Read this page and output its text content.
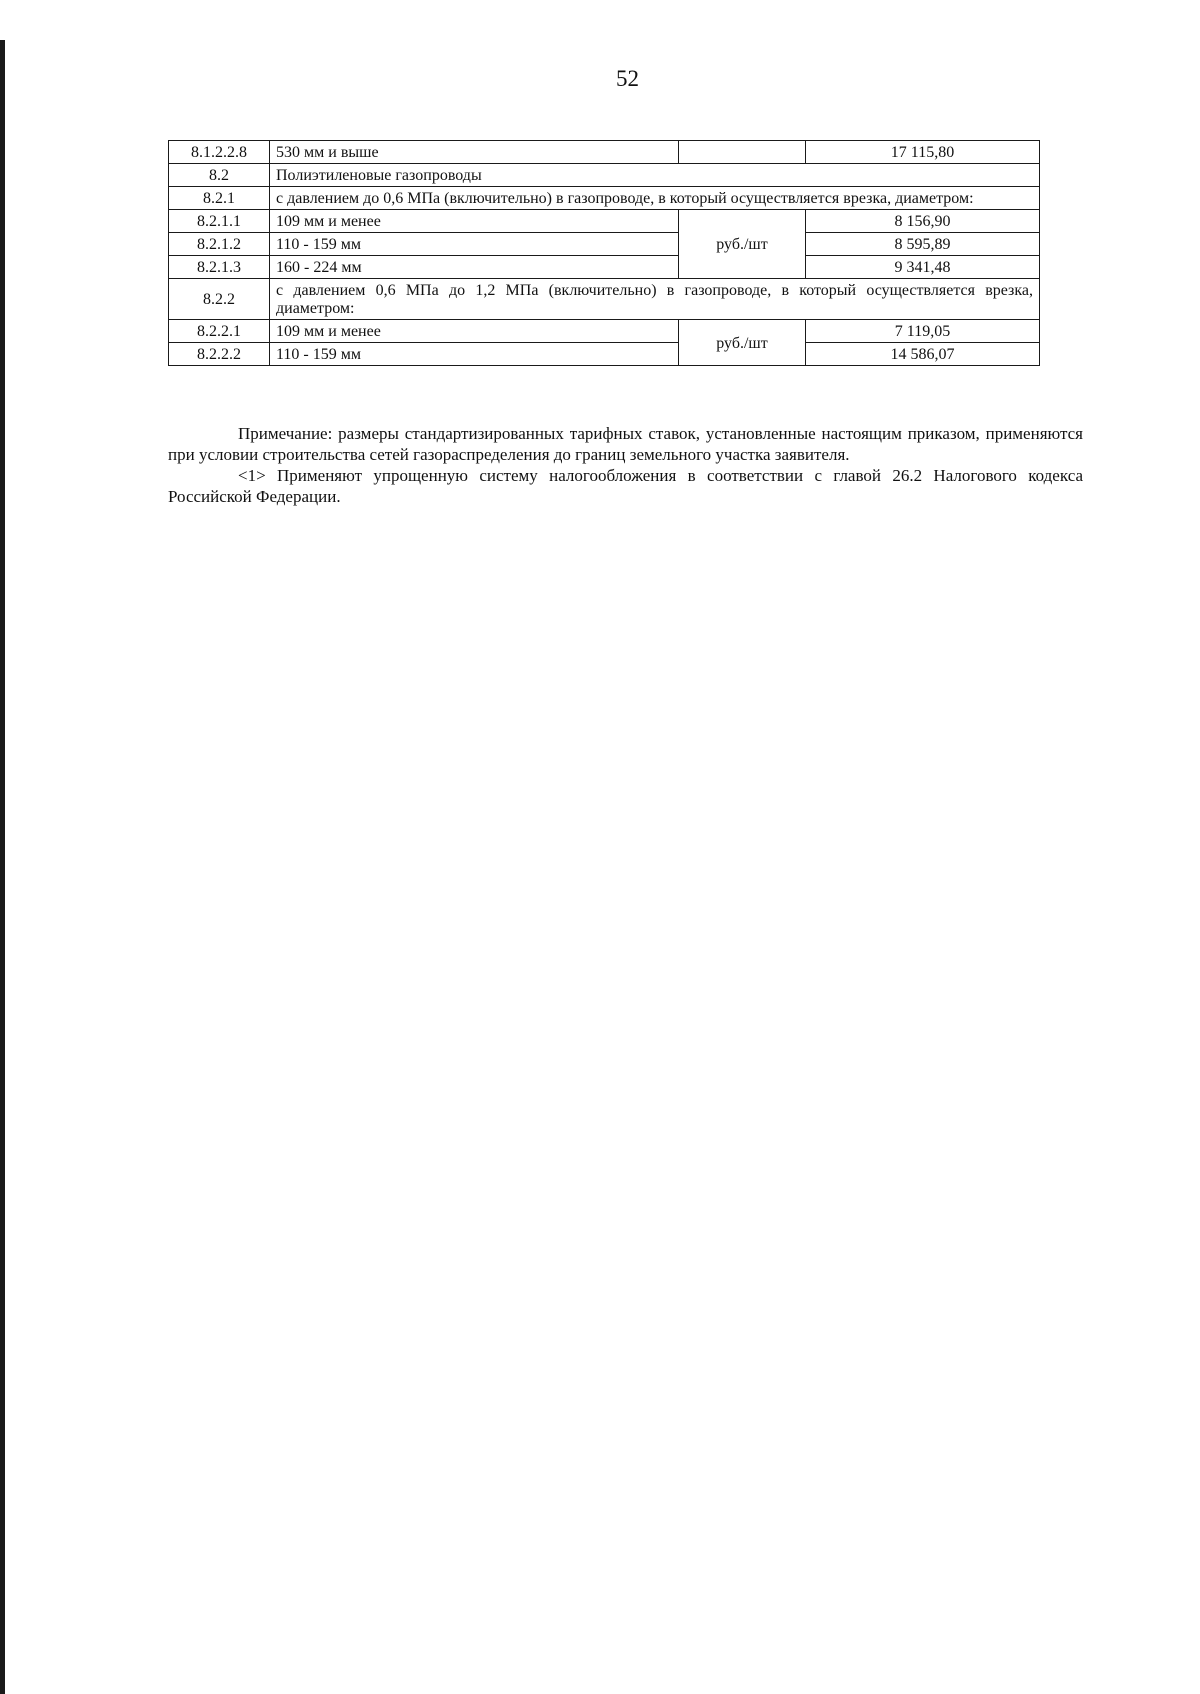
52
8.1.2.2.8	530 мм и выше		17 115,80
8.2	Полиэтиленовые газопроводы		
8.2.1	с давлением до 0,6 МПа (включительно) в газопроводе, в который осуществляется врезка, диаметром:		
8.2.1.1	109 мм и менее	руб./шт	8 156,90
8.2.1.2	110 - 159 мм		8 595,89
8.2.1.3	160 - 224 мм		9 341,48
8.2.2	с давлением 0,6 МПа до 1,2 МПа (включительно) в газопроводе, в который осуществляется врезка, диаметром:		
8.2.2.1	109 мм и менее	руб./шт	7 119,05
8.2.2.2	110 - 159 мм		14 586,07

Примечание: размеры стандартизированных тарифных ставок, установленные настоящим приказом, применяются при условии строительства сетей газораспределения до границ земельного участка заявителя.

<1> Применяют упрощенную систему налогообложения в соответствии с главой 26.2 Налогового кодекса Российской Федерации.
